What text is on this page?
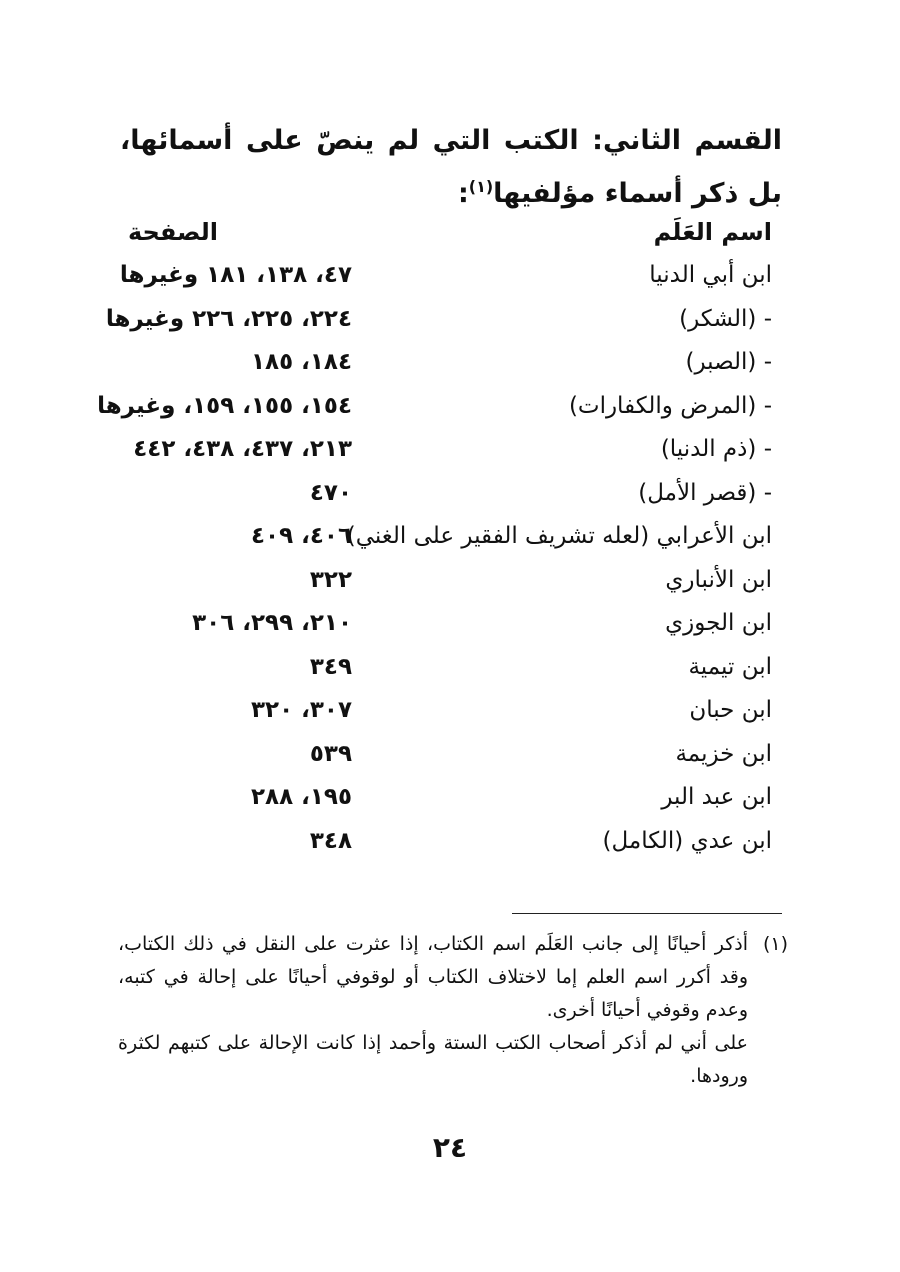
القسم الثاني: الكتب التي لم ينصّ على أسمائها، بل ذكر أسماء مؤلفيها$^{(١)}$:
اسم العَلَم
الصفحة
ابن أبي الدنيا
٤٧، ١٣٨، ١٨١ وغيرها
- (الشكر)
٢٢٤، ٢٢٥، ٢٢٦ وغيرها
- (الصبر)
١٨٤، ١٨٥
- (المرض والكفارات)
١٥٤، ١٥٥، ١٥٩، وغيرها
- (ذم الدنيا)
٢١٣، ٤٣٧، ٤٣٨، ٤٤٢
- (قصر الأمل)
٤٧٠
ابن الأعرابي (لعله تشريف الفقير على الغني)
٤٠٦، ٤٠٩
ابن الأنباري
٣٢٢
ابن الجوزي
٢١٠، ٢٩٩، ٣٠٦
ابن تيمية
٣٤٩
ابن حبان
٣٠٧، ٣٢٠
ابن خزيمة
٥٣٩
ابن عبد البر
١٩٥، ٢٨٨
ابن عدي (الكامل)
٣٤٨
(١)

أذكر أحيانًا إلى جانب العَلَم اسم الكتاب، إذا عثرت على النقل في ذلك الكتاب، وقد أكرر اسم العلم إما لاختلاف الكتاب أو لوقوفي أحيانًا على إحالة في كتبه، وعدم وقوفي أحيانًا أخرى.

على أني لم أذكر أصحاب الكتب الستة وأحمد إذا كانت الإحالة على كتبهم لكثرة ورودها.

٢٤
